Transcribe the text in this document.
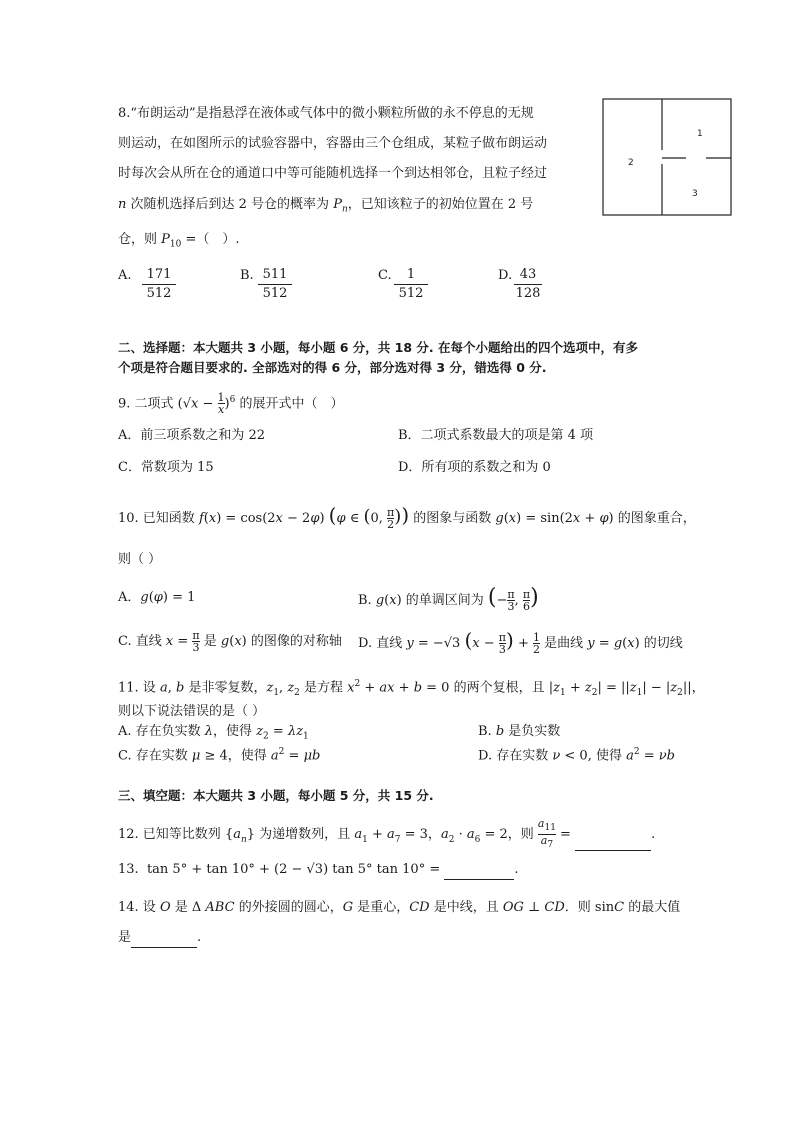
8.“布朗运动”是指悬浮在液体或气体中的微小颗粒所做的永不停息的无规
则运动，在如图所示的试验容器中，容器由三个仓组成，某粒子做布朗运动
时每次会从所在仓的通道口中等可能随机选择一个到达相邻仓，且粒子经过
n 次随机选择后到达 2 号仓的概率为 $P_n$，已知该粒子的初始位置在 2 号
仓，则 $P_{10}$ =（　）.
1
2
3
A. $\frac{171}{512}$	B. $\frac{511}{512}$	C. $\frac{1}{512}$	D. $\frac{43}{128}$
二、选择题：本大题共 3 小题，每小题 6 分，共 18 分. 在每个小题给出的四个选项中，有多
个项是符合题目要求的. 全部选对的得 6 分，部分选对得 3 分，错选得 0 分.
9. 二项式 $(√x - \frac{1}{x} )^6$ 的展开式中（　）
A．前三项系数之和为 22	B．二项式系数最大的项是第 4 项
C．常数项为 15	D．所有项的系数之和为 0
10. 已知函数 f(x) = cos(2x − 2φ) (φ ∈ (0, $\frac{\pi}{2}$ )) 的图象与函数 g(x) = sin(2x + φ) 的图象重合，
则（ ）
A．g(φ) = 1	B. g(x) 的单调区间为 (− $\frac{\pi}{3}$ , $\frac{\pi}{6}$ )
C. 直线 $x = \frac{\pi}{3}$ 是 g(x) 的图像的对称轴 D. 直线 y = −√3 ($x - \frac{\pi}{3}$ ) + $\frac{1}{2}$ 是曲线 y = g(x) 的切线
11. 设 a, b 是非零复数，$z_1$, $z_2$ 是方程 $x^2$ + ax + b = 0 的两个复根，且 $|z_1 + z_2| = ||z_1| - |z_2||$，
则以下说法错误的是（ ）
A. 存在负实数 λ，使得 $z_2 = \lambda z_1$	B. b 是负实数
C. 存在实数 μ ≥ 4，使得 $a^2 = \mu b$	D. 存在实数 ν < 0, 使得 $a^2 = \nu b$
三、填空题：本大题共 3 小题，每小题 5 分，共 15 分.
12. 已知等比数列 $\{a_n\}$ 为递增数列，且 $a_1 + a_7 = 3$，$a_2 \cdot a_6 = 2$，则 $\frac{a_{11}}{a_7}$ =	.
13.  tan 5° + tan 10° + (2 − √3) tan 5° tan 10° =	.
14. 设 O 是 Δ ABC 的外接圆的圆心，G 是重心，CD 是中线，且 OG ⊥ CD．则 sinC 的最大值
是	.
